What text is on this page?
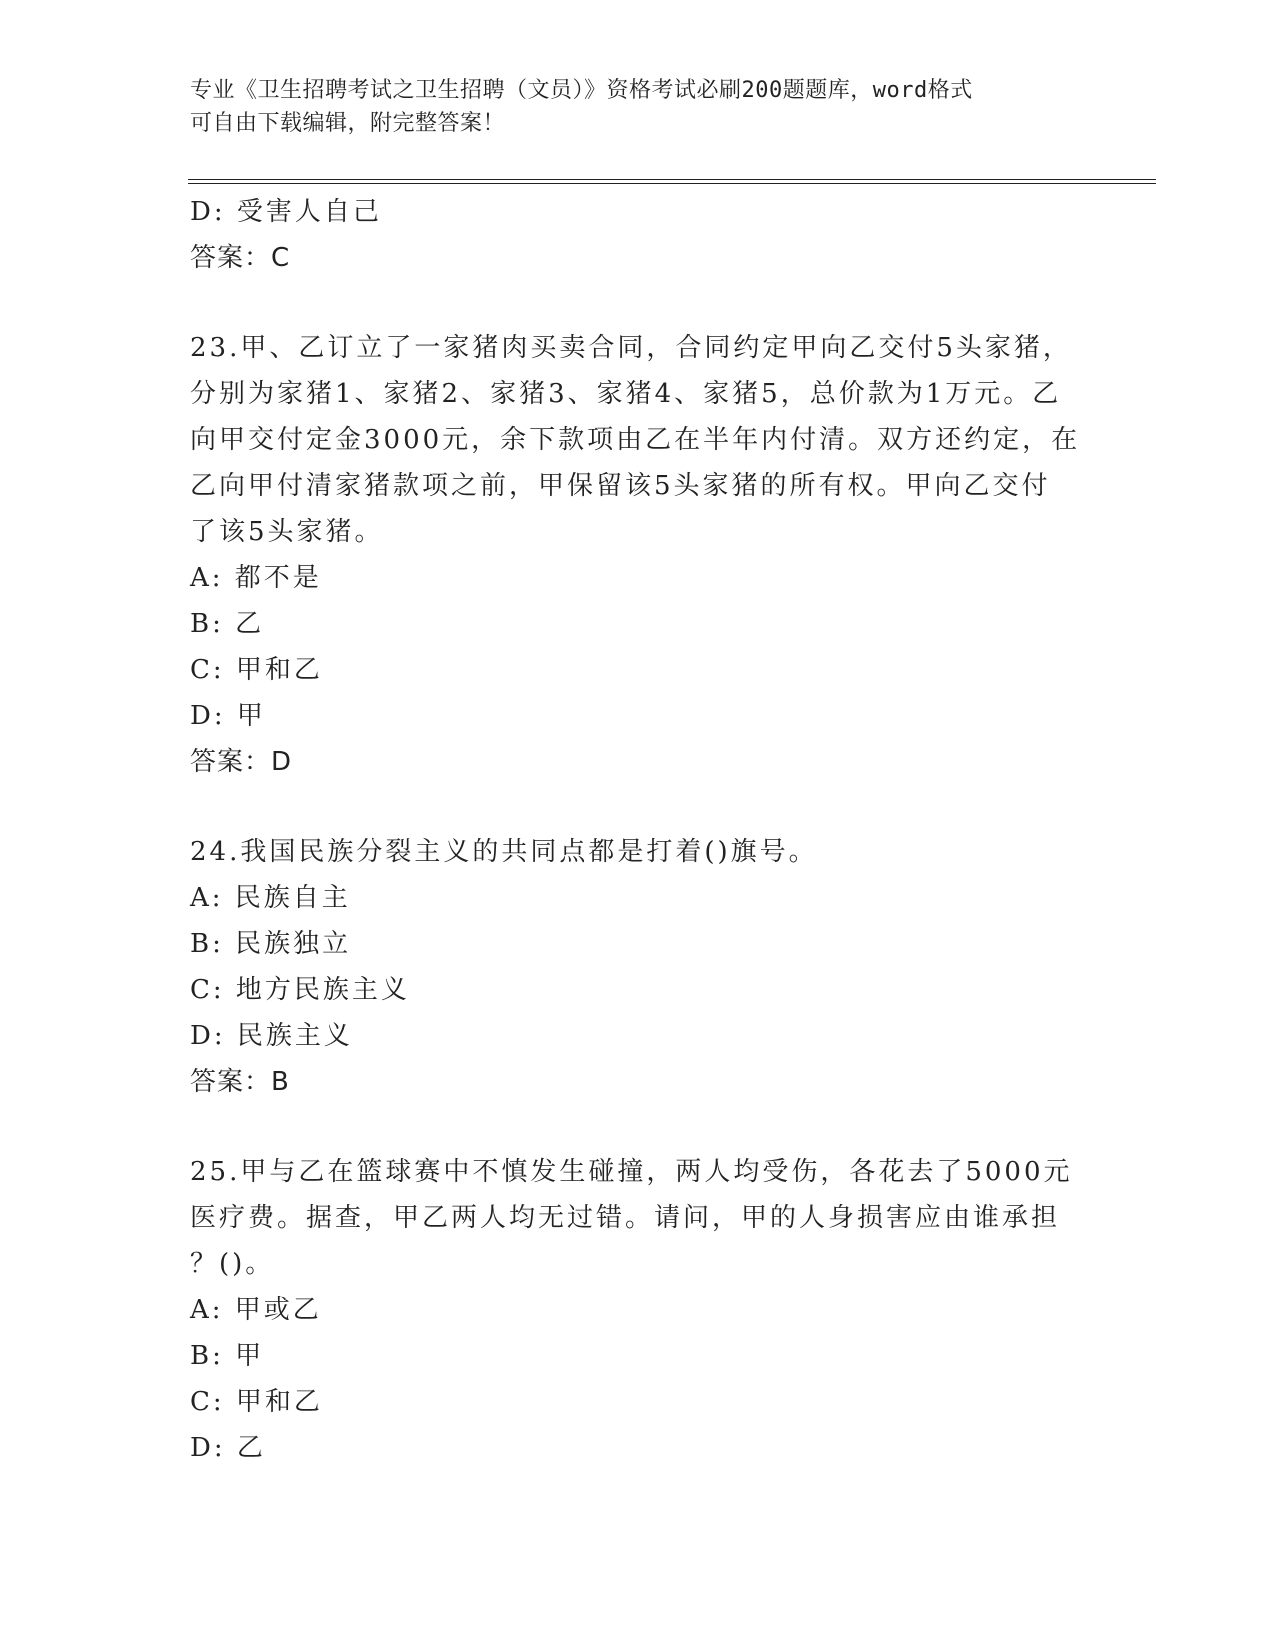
专业《卫生招聘考试之卫生招聘（文员）》资格考试必刷200题题库，word格式
可自由下载编辑，附完整答案！
D: 受害人自己
答案：C
23.甲、乙订立了一家猪肉买卖合同，合同约定甲向乙交付5头家猪，
分别为家猪1、家猪2、家猪3、家猪4、家猪5，总价款为1万元。乙
向甲交付定金3000元，余下款项由乙在半年内付清。双方还约定，在
乙向甲付清家猪款项之前，甲保留该5头家猪的所有权。甲向乙交付
了该5头家猪。
A: 都不是
B: 乙
C: 甲和乙
D: 甲
答案：D
24.我国民族分裂主义的共同点都是打着()旗号。
A: 民族自主
B: 民族独立
C: 地方民族主义
D: 民族主义
答案：B
25.甲与乙在篮球赛中不慎发生碰撞，两人均受伤，各花去了5000元
医疗费。据查，甲乙两人均无过错。请问，甲的人身损害应由谁承担
？()。
A: 甲或乙
B: 甲
C: 甲和乙
D: 乙
